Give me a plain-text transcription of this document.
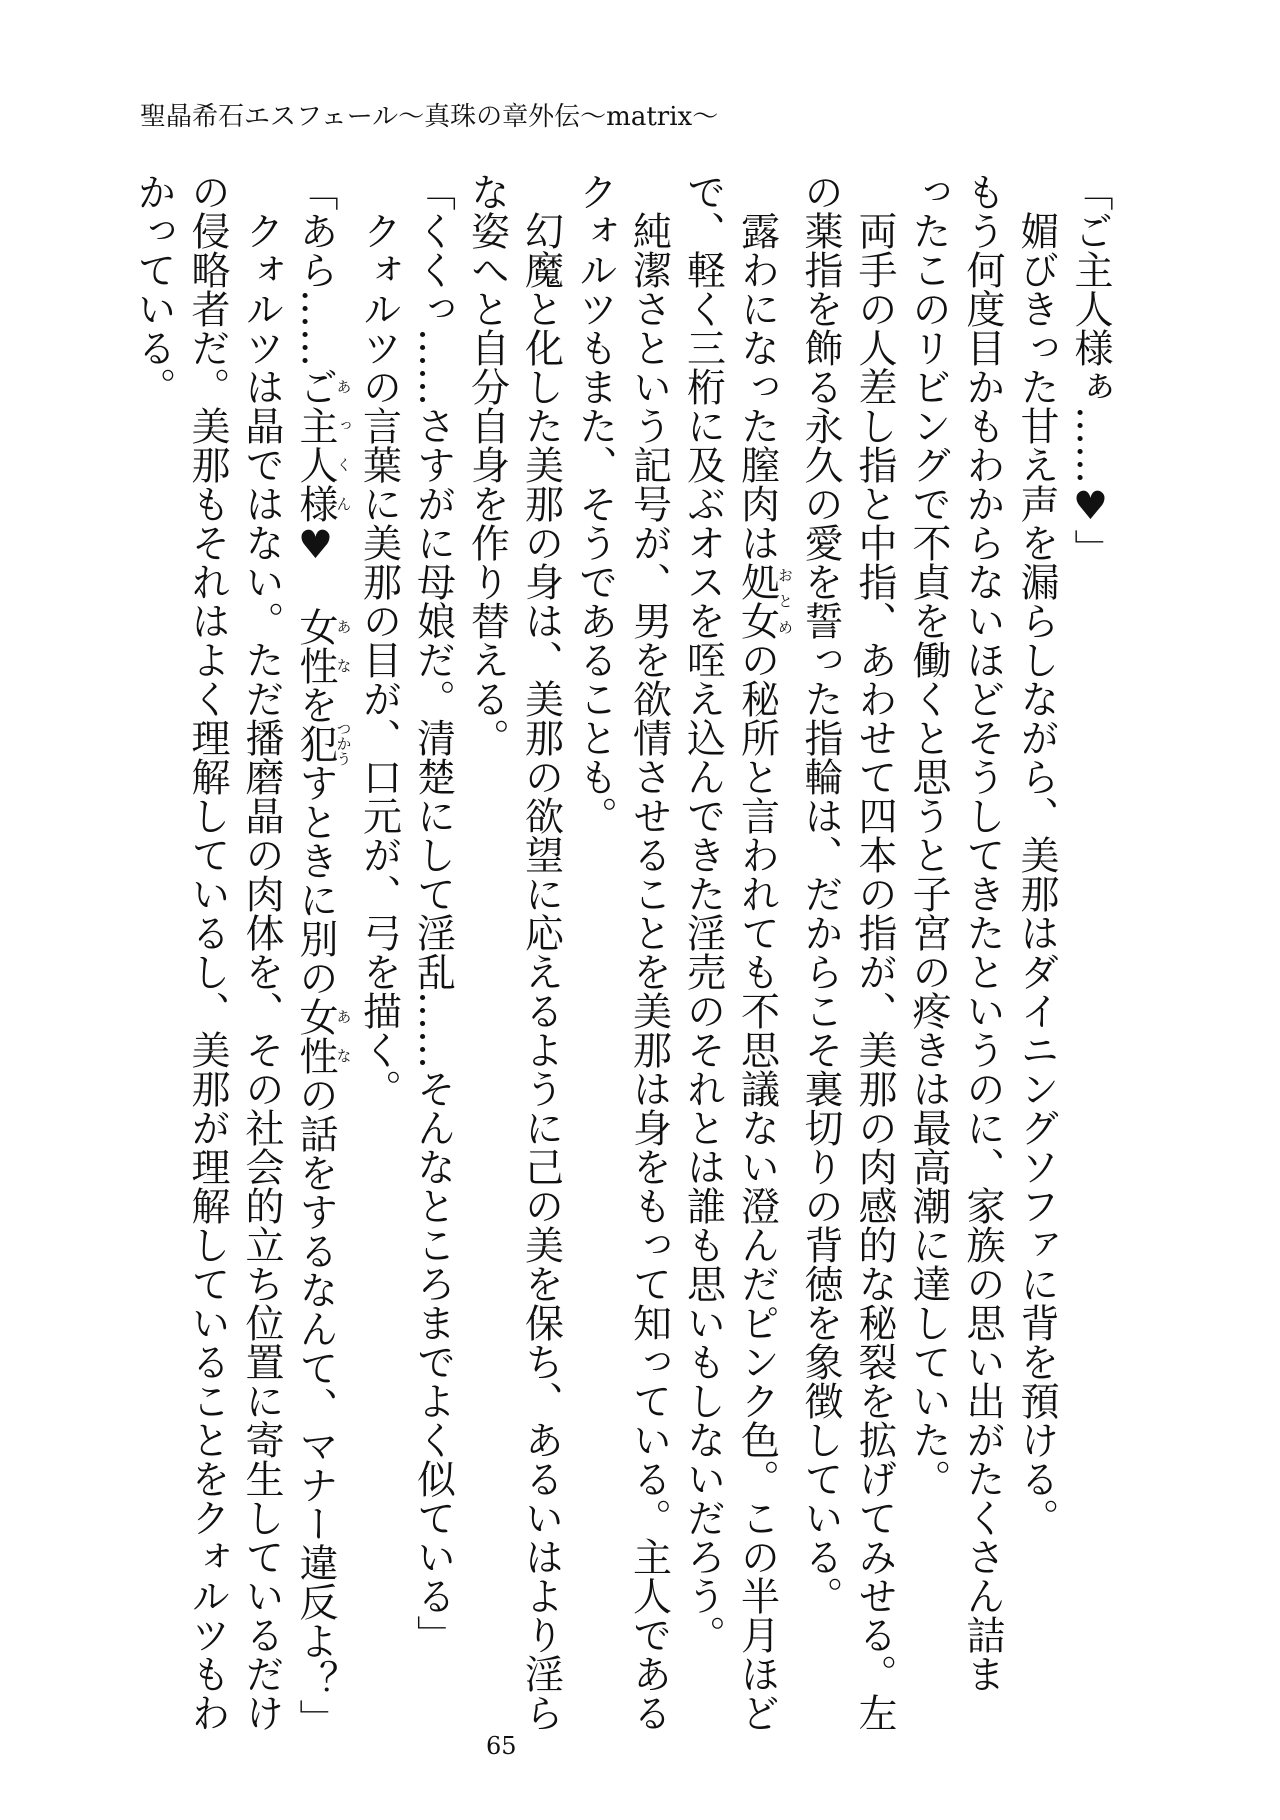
聖晶希石エスフェール～真珠の章外伝～matrix～
「ご主人様ぁ……♥」
媚びきった甘え声を漏らしながら、美那はダイニングソファに背を預ける。
もう何度目かもわからないほどそうしてきたというのに、家族の思い出がたくさん詰ま
ったこのリビングで不貞を働くと思うと子宮の疼きは最高潮に達していた。
両手の人差し指と中指、あわせて四本の指が、美那の肉感的な秘裂を拡げてみせる。左
の薬指を飾る永久の愛を誓った指輪は、だからこそ裏切りの背徳を象徴している。
露わになった膣肉は処女おとめの秘所と言われても不思議ない澄んだピンク色。この半月ほど
で、軽く三桁に及ぶオスを咥え込んできた淫売のそれとは誰も思いもしないだろう。
純潔さという記号が、男を欲情させることを美那は身をもって知っている。主人である
クォルツもまた、そうであることも。
幻魔と化した美那の身は、美那の欲望に応えるように己の美を保ち、あるいはより淫ら
な姿へと自分自身を作り替える。
「くくっ……さすがに母娘だ。清楚にして淫乱……そんなところまでよく似ている」
クォルツの言葉に美那の目が、口元が、弓を描く。
「あら……ご主人様あっくん♥　女性あなを犯つかうすときに別の女性あなの話をするなんて、マナー違反よ？」
クォルツは晶ではない。ただ播磨晶の肉体を、その社会的立ち位置に寄生しているだけ
の侵略者だ。美那もそれはよく理解しているし、美那が理解していることをクォルツもわ
かっている。
65
